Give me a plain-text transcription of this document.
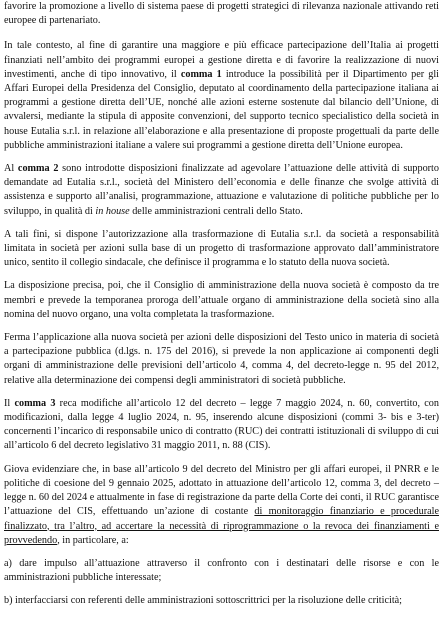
favorire la promozione a livello di sistema paese di progetti strategici di rilevanza nazionale attivando reti europee di partenariato.

In tale contesto, al fine di garantire una maggiore e più efficace partecipazione dell’Italia ai progetti finanziati nell’ambito dei programmi europei a gestione diretta e di favorire la realizzazione di nuovi investimenti, anche di tipo innovativo, il comma 1 introduce la possibilità per il Dipartimento per gli Affari Europei della Presidenza del Consiglio, deputato al coordinamento della partecipazione italiana ai programmi a gestione diretta dell’UE, nonché alle azioni esterne sostenute dal bilancio dell’Unione, di avvalersi, mediante la stipula di apposite convenzioni, del supporto tecnico specialistico della società in house Eutalia s.r.l. in relazione all’elaborazione e alla presentazione di proposte progettuali da parte delle pubbliche amministrazioni italiane a valere sui programmi a gestione diretta dell’Unione europea.

Al comma 2 sono introdotte disposizioni finalizzate ad agevolare l’attuazione delle attività di supporto demandate ad Eutalia s.r.l., società del Ministero dell’economia e delle finanze che svolge attività di assistenza e supporto all’analisi, programmazione, attuazione e valutazione di politiche pubbliche per lo sviluppo, in qualità di in house delle amministrazioni centrali dello Stato.

A tali fini, si dispone l’autorizzazione alla trasformazione di Eutalia s.r.l. da società a responsabilità limitata in società per azioni sulla base di un progetto di trasformazione approvato dall’amministratore unico, sentito il collegio sindacale, che definisce il programma e lo statuto della nuova società.

La disposizione precisa, poi, che il Consiglio di amministrazione della nuova società è composto da tre membri e prevede la temporanea proroga dell’attuale organo di amministrazione della società sino alla nomina del nuovo organo, una volta completata la trasformazione.

Ferma l’applicazione alla nuova società per azioni delle disposizioni del Testo unico in materia di società a partecipazione pubblica (d.lgs. n. 175 del 2016), si prevede la non applicazione ai componenti degli organi di amministrazione delle previsioni dell’articolo 4, comma 4, del decreto-legge n. 95 del 2012, relative alla determinazione dei compensi degli amministratori di società pubbliche.

Il comma 3 reca modifiche all’articolo 12 del decreto – legge 7 maggio 2024, n. 60, convertito, con modificazioni, dalla legge 4 luglio 2024, n. 95, inserendo alcune disposizioni (commi 3- bis e 3-ter) concernenti l’incarico di responsabile unico di contratto (RUC) dei contratti istituzionali di sviluppo di cui all’articolo 6 del decreto legislativo 31 maggio 2011, n. 88 (CIS).

Giova evidenziare che, in base all’articolo 9 del decreto del Ministro per gli affari europei, il PNRR e le politiche di coesione del 9 gennaio 2025, adottato in attuazione dell’articolo 12, comma 3, del decreto – legge n. 60 del 2024 e attualmente in fase di registrazione da parte della Corte dei conti, il RUC garantisce l’attuazione del CIS, effettuando un’azione di costante di monitoraggio finanziario e procedurale finalizzato, tra l’altro, ad accertare la necessità di riprogrammazione o la revoca dei finanziamenti e provvedendo, in particolare, a:

a) dare impulso all’attuazione attraverso il confronto con i destinatari delle risorse e con le amministrazioni pubbliche interessate;

b) interfacciarsi con referenti delle amministrazioni sottoscrittrici per la risoluzione delle criticità;
